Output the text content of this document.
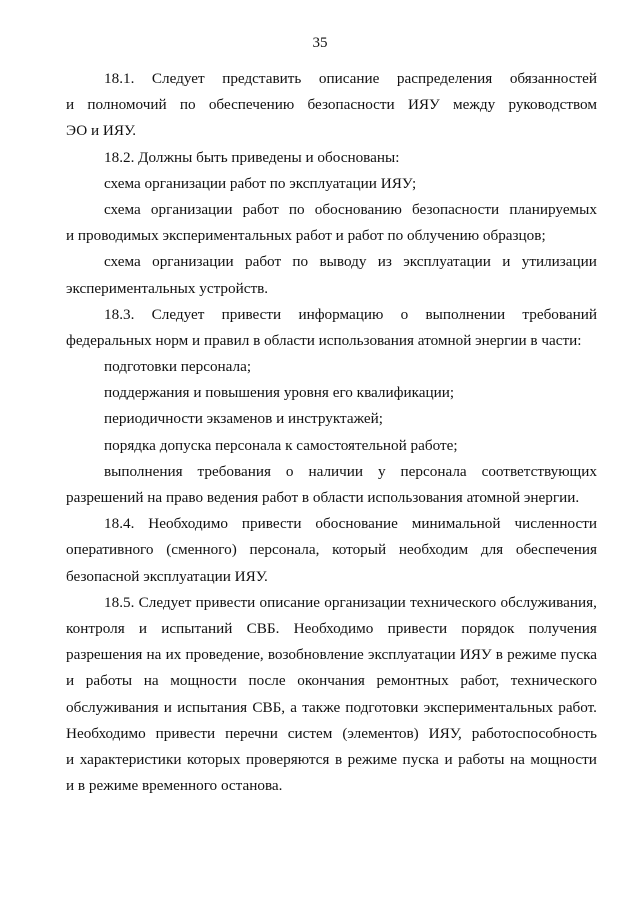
35
18.1. Следует представить описание распределения обязанностей
и полномочий по обеспечению безопасности ИЯУ между руководством
ЭО и ИЯУ.
18.2. Должны быть приведены и обоснованы:
схема организации работ по эксплуатации ИЯУ;
схема организации работ по обоснованию безопасности планируемых
и проводимых экспериментальных работ и работ по облучению образцов;
схема организации работ по выводу из эксплуатации и утилизации
экспериментальных устройств.
18.3. Следует привести информацию о выполнении требований
федеральных норм и правил в области использования атомной энергии в части:
подготовки персонала;
поддержания и повышения уровня его квалификации;
периодичности экзаменов и инструктажей;
порядка допуска персонала к самостоятельной работе;
выполнения требования о наличии у персонала соответствующих
разрешений на право ведения работ в области использования атомной энергии.
18.4. Необходимо привести обоснование минимальной численности
оперативного (сменного) персонала, который необходим для обеспечения
безопасной эксплуатации ИЯУ.
18.5. Следует привести описание организации технического обслуживания,
контроля и испытаний СВБ. Необходимо привести порядок получения
разрешения на их проведение, возобновление эксплуатации ИЯУ в режиме пуска
и работы на мощности после окончания ремонтных работ, технического
обслуживания и испытания СВБ, а также подготовки экспериментальных работ.
Необходимо привести перечни систем (элементов) ИЯУ, работоспособность
и характеристики которых проверяются в режиме пуска и работы на мощности
и в режиме временного останова.
